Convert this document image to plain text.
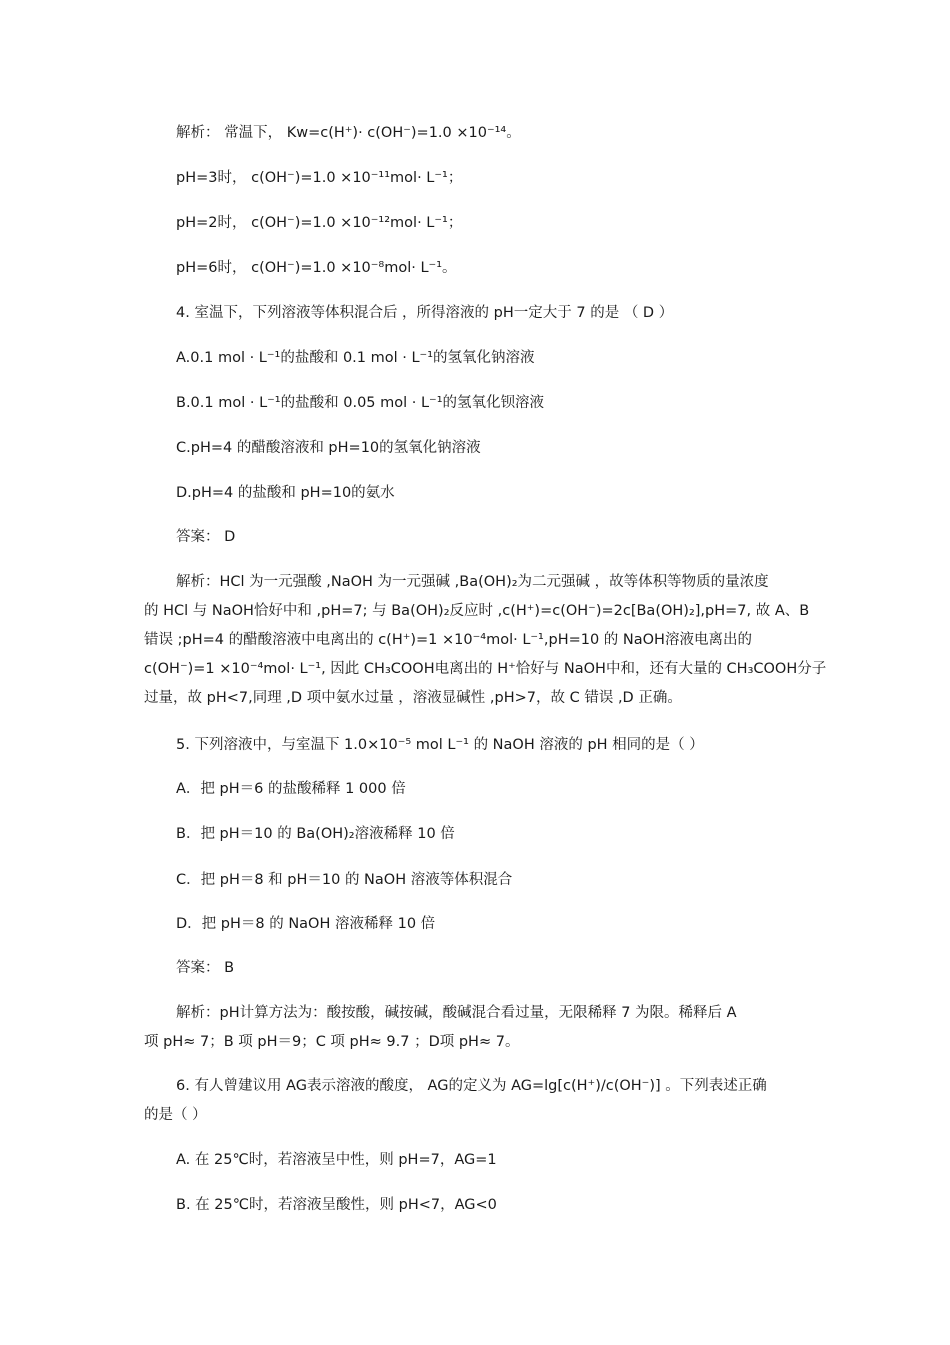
解析： 常温下， Kw=c(H⁺)· c(OH⁻)=1.0 ×10⁻¹⁴。
pH=3时， c(OH⁻)=1.0 ×10⁻¹¹mol· L⁻¹；
pH=2时， c(OH⁻)=1.0 ×10⁻¹²mol· L⁻¹；
pH=6时， c(OH⁻)=1.0 ×10⁻⁸mol· L⁻¹。
4. 室温下，下列溶液等体积混合后 ，所得溶液的 pH一定大于 7 的是 （ D ）
A.0.1 mol · L⁻¹的盐酸和 0.1 mol · L⁻¹的氢氧化钠溶液
B.0.1 mol · L⁻¹的盐酸和 0.05 mol · L⁻¹的氢氧化钡溶液
C.pH=4 的醋酸溶液和 pH=10的氢氧化钠溶液
D.pH=4 的盐酸和 pH=10的氨水
答案： D
解析：HCl 为一元强酸 ,NaOH 为一元强碱 ,Ba(OH)₂为二元强碱 ，故等体积等物质的量浓度
的 HCl 与 NaOH恰好中和 ,pH=7; 与 Ba(OH)₂反应时 ,c(H⁺)=c(OH⁻)=2c[Ba(OH)₂],pH=7, 故 A、B
错误 ;pH=4 的醋酸溶液中电离出的 c(H⁺)=1 ×10⁻⁴mol· L⁻¹,pH=10 的 NaOH溶液电离出的
c(OH⁻)=1 ×10⁻⁴mol· L⁻¹, 因此 CH₃COOH电离出的 H⁺恰好与 NaOH中和，还有大量的 CH₃COOH分子
过量，故 pH<7,同理 ,D 项中氨水过量 ，溶液显碱性 ,pH>7，故 C 错误 ,D 正确。
5. 下列溶液中，与室温下 1.0×10⁻⁵ mol L⁻¹ 的 NaOH 溶液的 pH 相同的是（ ）
A．把 pH＝6 的盐酸稀释 1 000 倍
B．把 pH＝10 的 Ba(OH)₂溶液稀释 10 倍
C．把 pH＝8 和 pH＝10 的 NaOH 溶液等体积混合
D．把 pH＝8 的 NaOH 溶液稀释 10 倍
答案： B
解析：pH计算方法为：酸按酸，碱按碱，酸碱混合看过量，无限稀释 7 为限。稀释后 A
项 pH≈ 7；B 项 pH＝9；C 项 pH≈ 9.7 ；D项 pH≈ 7。
6. 有人曾建议用 AG表示溶液的酸度， AG的定义为 AG=lg[c(H⁺)/c(OH⁻)] 。下列表述正确
的是（ ）
A. 在 25℃时，若溶液呈中性，则 pH=7，AG=1
B. 在 25℃时，若溶液呈酸性，则 pH<7，AG<0
